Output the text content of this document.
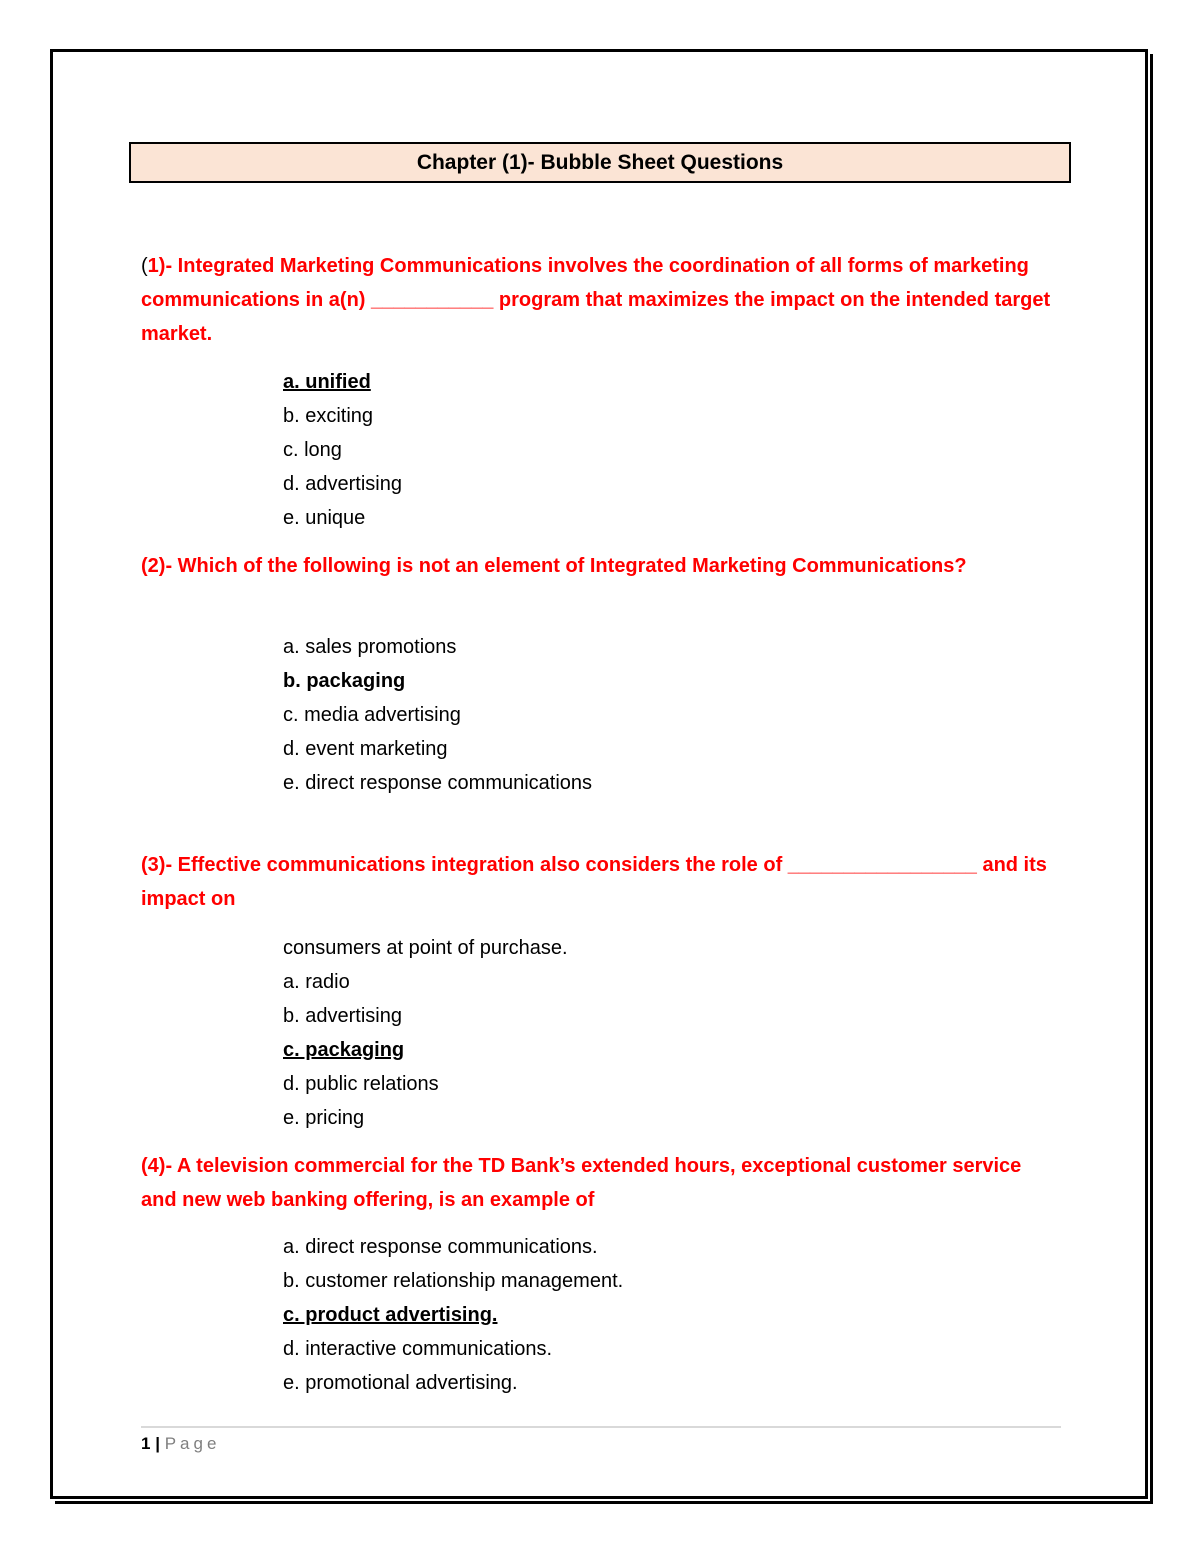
Chapter (1)- Bubble Sheet Questions
(1)- Integrated Marketing Communications involves the coordination of all forms of marketing communications in a(n) ___________ program that maximizes the impact on the intended target market.
a. unified
b. exciting
c. long
d. advertising
e. unique
(2)- Which of the following is not an element of Integrated Marketing Communications?
a. sales promotions
b. packaging
c. media advertising
d. event marketing
e. direct response communications
(3)- Effective communications integration also considers the role of _________________ and its impact on
consumers at point of purchase.
a. radio
b. advertising
c. packaging
d. public relations
e. pricing
(4)- A television commercial for the TD Bank’s extended hours, exceptional customer service and new web banking offering, is an example of
a. direct response communications.
b. customer relationship management.
c. product advertising.
d. interactive communications.
e. promotional advertising.
1 | Page
